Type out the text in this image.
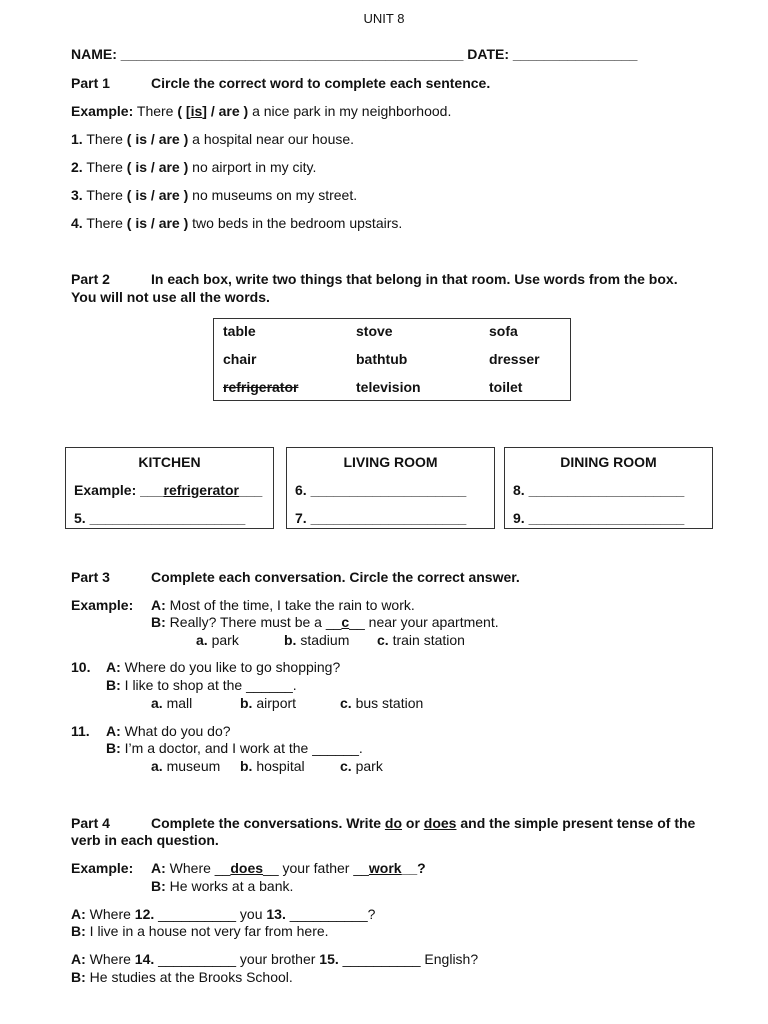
UNIT 8
NAME: ____________________________________________ DATE: ________________
Part 1	Circle the correct word to complete each sentence.
Example: There ( [is] / are ) a nice park in my neighborhood.
1. There ( is / are ) a hospital near our house.
2. There ( is / are ) no airport in my city.
3. There ( is / are ) no museums on my street.
4. There ( is / are ) two beds in the bedroom upstairs.
Part 2	In each box, write two things that belong in that room. Use words from the box.
You will not use all the words.
table	stove	sofa
chair	bathtub	dresser
refrigerator	television	toilet
KITCHEN
Example: ___refrigerator___
5. ____________________
LIVING ROOM
6. ____________________
7. ____________________
DINING ROOM
8. ____________________
9. ____________________
Part 3	Complete each conversation. Circle the correct answer.
Example: A: Most of the time, I take the rain to work.
B: Really? There must be a __c__ near your apartment.
a. park	b. stadium c. train station
10. A: Where do you like to go shopping?
B: I like to shop at the ______.
a. mall	b. airport	c. bus station
11. A: What do you do?
B: I’m a doctor, and I work at the ______.
a. museum b. hospital	c. park
Part 4	Complete the conversations. Write do or does and the simple present tense of the
verb in each question.
Example: A: Where __does__ your father __work__?
B: He works at a bank.
A: Where 12. __________ you 13. __________?
B: I live in a house not very far from here.
A: Where 14. __________ your brother 15. __________ English?
B: He studies at the Brooks School.
